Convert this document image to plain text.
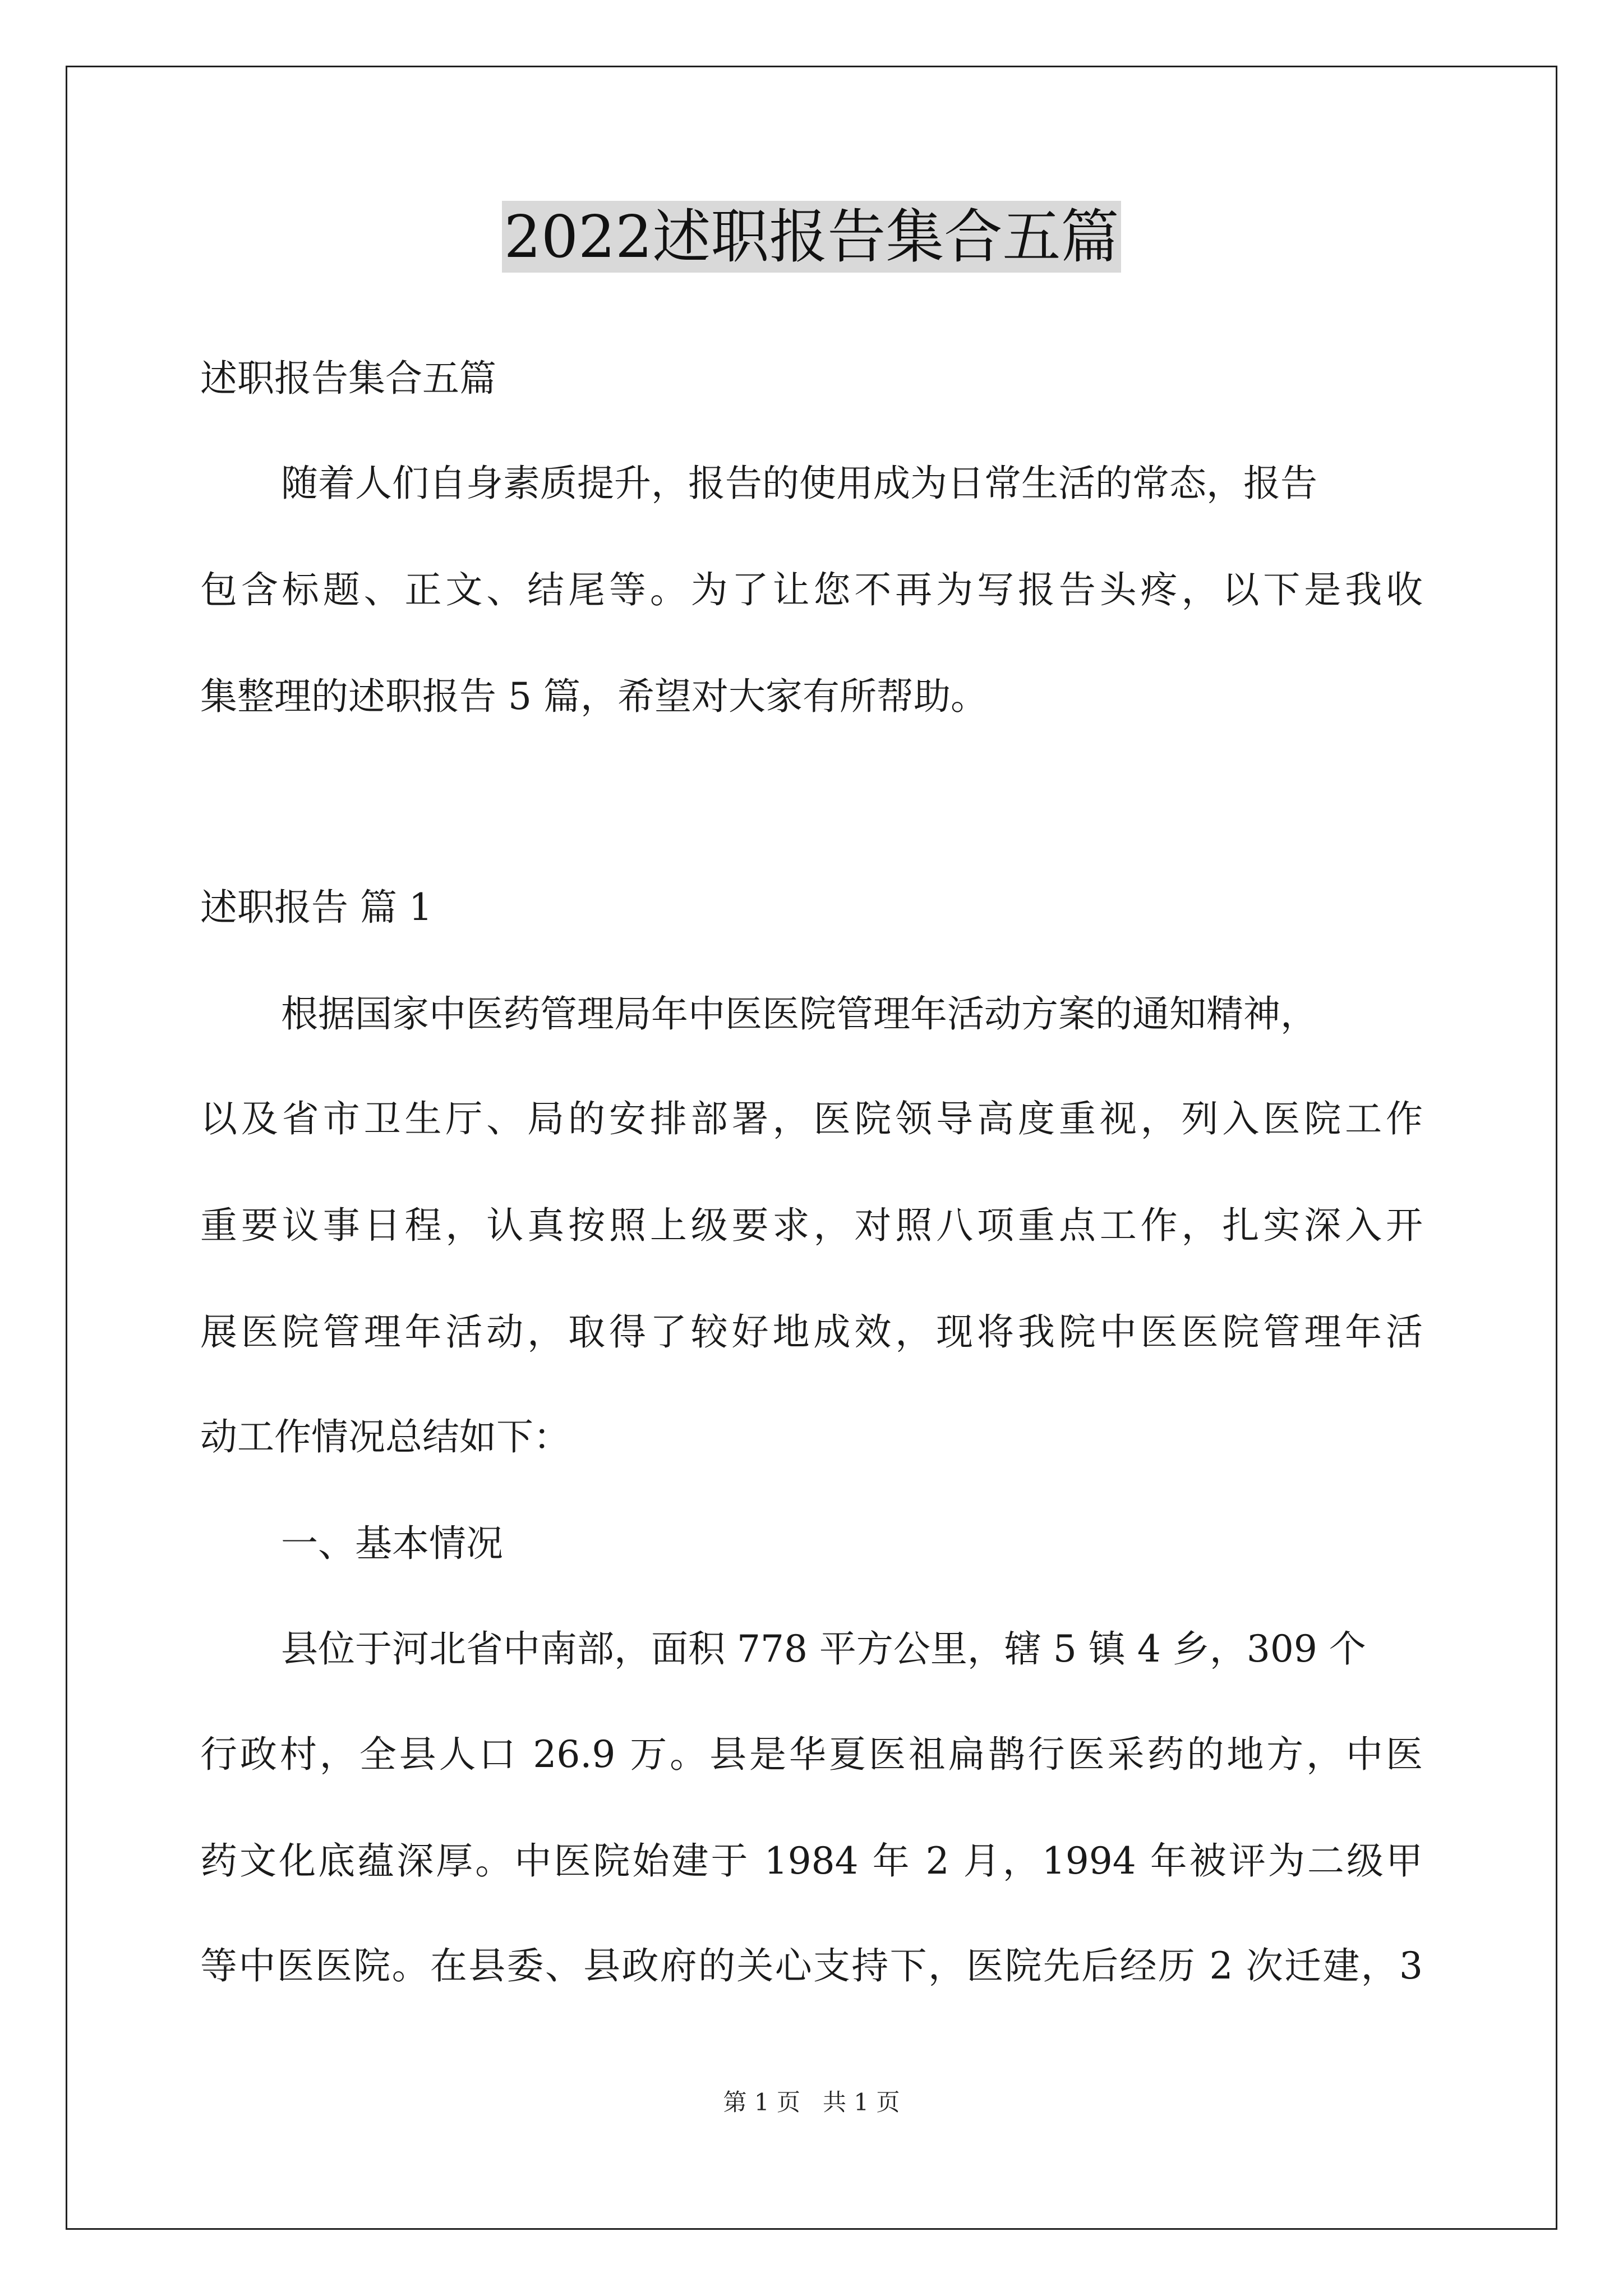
2022述职报告集合五篇
述职报告集合五篇
随着人们自身素质提升，报告的使用成为日常生活的常态，报告
包含标题、正文、结尾等。为了让您不再为写报告头疼，以下是我收
集整理的述职报告 5 篇，希望对大家有所帮助。
述职报告 篇 1
根据国家中医药管理局年中医医院管理年活动方案的通知精神，
以及省市卫生厅、局的安排部署，医院领导高度重视，列入医院工作
重要议事日程，认真按照上级要求，对照八项重点工作，扎实深入开
展医院管理年活动，取得了较好地成效，现将我院中医医院管理年活
动工作情况总结如下：
一、基本情况
县位于河北省中南部，面积 778 平方公里，辖 5 镇 4 乡，309 个
行政村，全县人口 26.9 万。县是华夏医祖扁鹊行医采药的地方，中医
药文化底蕴深厚。中医院始建于 1984 年 2 月，1994 年被评为二级甲
等中医医院。在县委、县政府的关心支持下，医院先后经历 2 次迁建，3
第 1 页   共 1 页
